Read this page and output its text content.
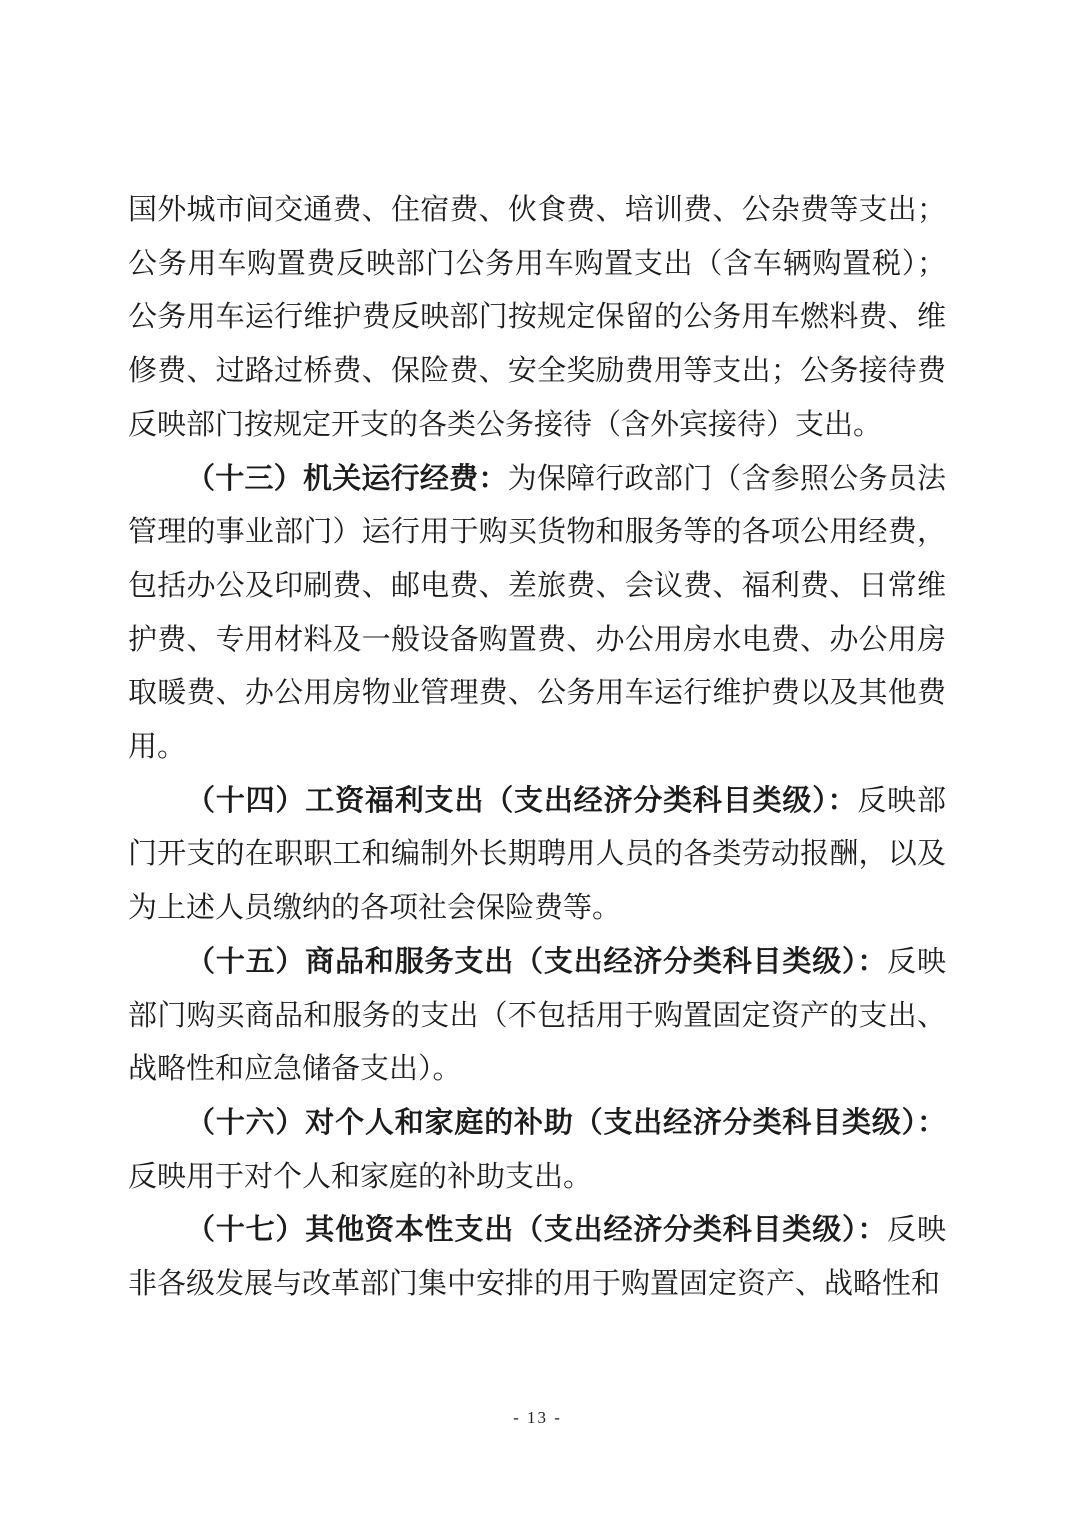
国外城市间交通费、住宿费、伙食费、培训费、公杂费等支出；公务用车购置费反映部门公务用车购置支出（含车辆购置税）；公务用车运行维护费反映部门按规定保留的公务用车燃料费、维修费、过路过桥费、保险费、安全奖励费用等支出；公务接待费反映部门按规定开支的各类公务接待（含外宾接待）支出。

（十三）机关运行经费：为保障行政部门（含参照公务员法管理的事业部门）运行用于购买货物和服务等的各项公用经费，包括办公及印刷费、邮电费、差旅费、会议费、福利费、日常维护费、专用材料及一般设备购置费、办公用房水电费、办公用房取暖费、办公用房物业管理费、公务用车运行维护费以及其他费用。

（十四）工资福利支出（支出经济分类科目类级）：反映部门开支的在职职工和编制外长期聘用人员的各类劳动报酬，以及为上述人员缴纳的各项社会保险费等。

（十五）商品和服务支出（支出经济分类科目类级）：反映部门购买商品和服务的支出（不包括用于购置固定资产的支出、战略性和应急储备支出）。

（十六）对个人和家庭的补助（支出经济分类科目类级）：反映用于对个人和家庭的补助支出。

（十七）其他资本性支出（支出经济分类科目类级）：反映非各级发展与改革部门集中安排的用于购置固定资产、战略性和

- 13 -
